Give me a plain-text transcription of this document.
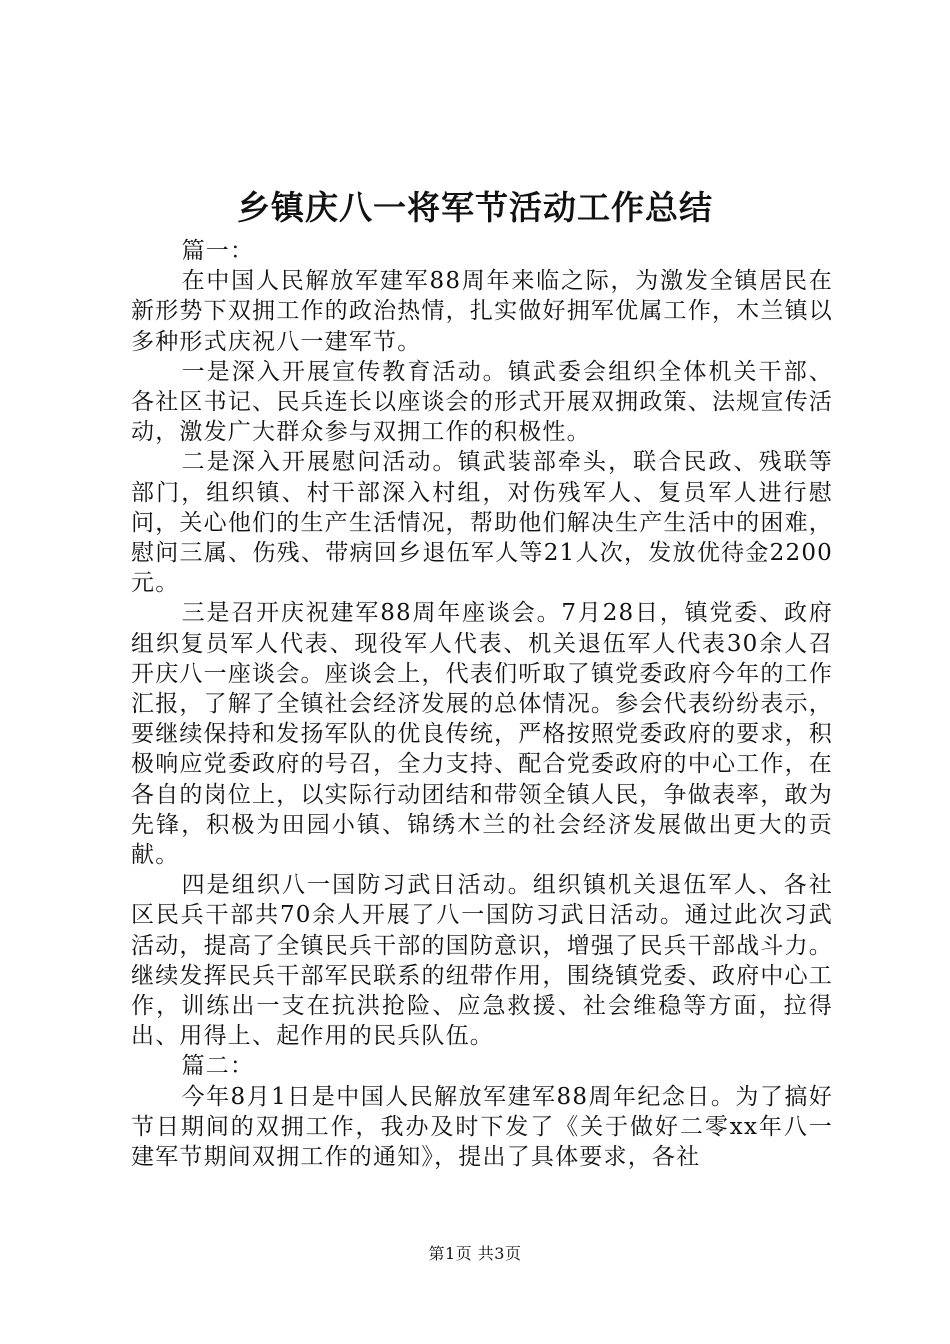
乡镇庆八一将军节活动工作总结

篇一：

在中国人民解放军建军88周年来临之际，为激发全镇居民在新形势下双拥工作的政治热情，扎实做好拥军优属工作，木兰镇以多种形式庆祝八一建军节。

一是深入开展宣传教育活动。镇武委会组织全体机关干部、各社区书记、民兵连长以座谈会的形式开展双拥政策、法规宣传活动，激发广大群众参与双拥工作的积极性。

二是深入开展慰问活动。镇武装部牵头，联合民政、残联等部门，组织镇、村干部深入村组，对伤残军人、复员军人进行慰问，关心他们的生产生活情况，帮助他们解决生产生活中的困难，慰问三属、伤残、带病回乡退伍军人等21人次，发放优待金2200元。

三是召开庆祝建军88周年座谈会。7月28日，镇党委、政府组织复员军人代表、现役军人代表、机关退伍军人代表30余人召开庆八一座谈会。座谈会上，代表们听取了镇党委政府今年的工作汇报，了解了全镇社会经济发展的总体情况。参会代表纷纷表示，要继续保持和发扬军队的优良传统，严格按照党委政府的要求，积极响应党委政府的号召，全力支持、配合党委政府的中心工作，在各自的岗位上，以实际行动团结和带领全镇人民，争做表率，敢为先锋，积极为田园小镇、锦绣木兰的社会经济发展做出更大的贡献。

四是组织八一国防习武日活动。组织镇机关退伍军人、各社区民兵干部共70余人开展了八一国防习武日活动。通过此次习武活动，提高了全镇民兵干部的国防意识，增强了民兵干部战斗力。继续发挥民兵干部军民联系的纽带作用，围绕镇党委、政府中心工作，训练出一支在抗洪抢险、应急救援、社会维稳等方面，拉得出、用得上、起作用的民兵队伍。

篇二：

今年8月1日是中国人民解放军建军88周年纪念日。为了搞好节日期间的双拥工作，我办及时下发了《关于做好二零xx年八一建军节期间双拥工作的通知》，提出了具体要求，各社

第1页 共3页
